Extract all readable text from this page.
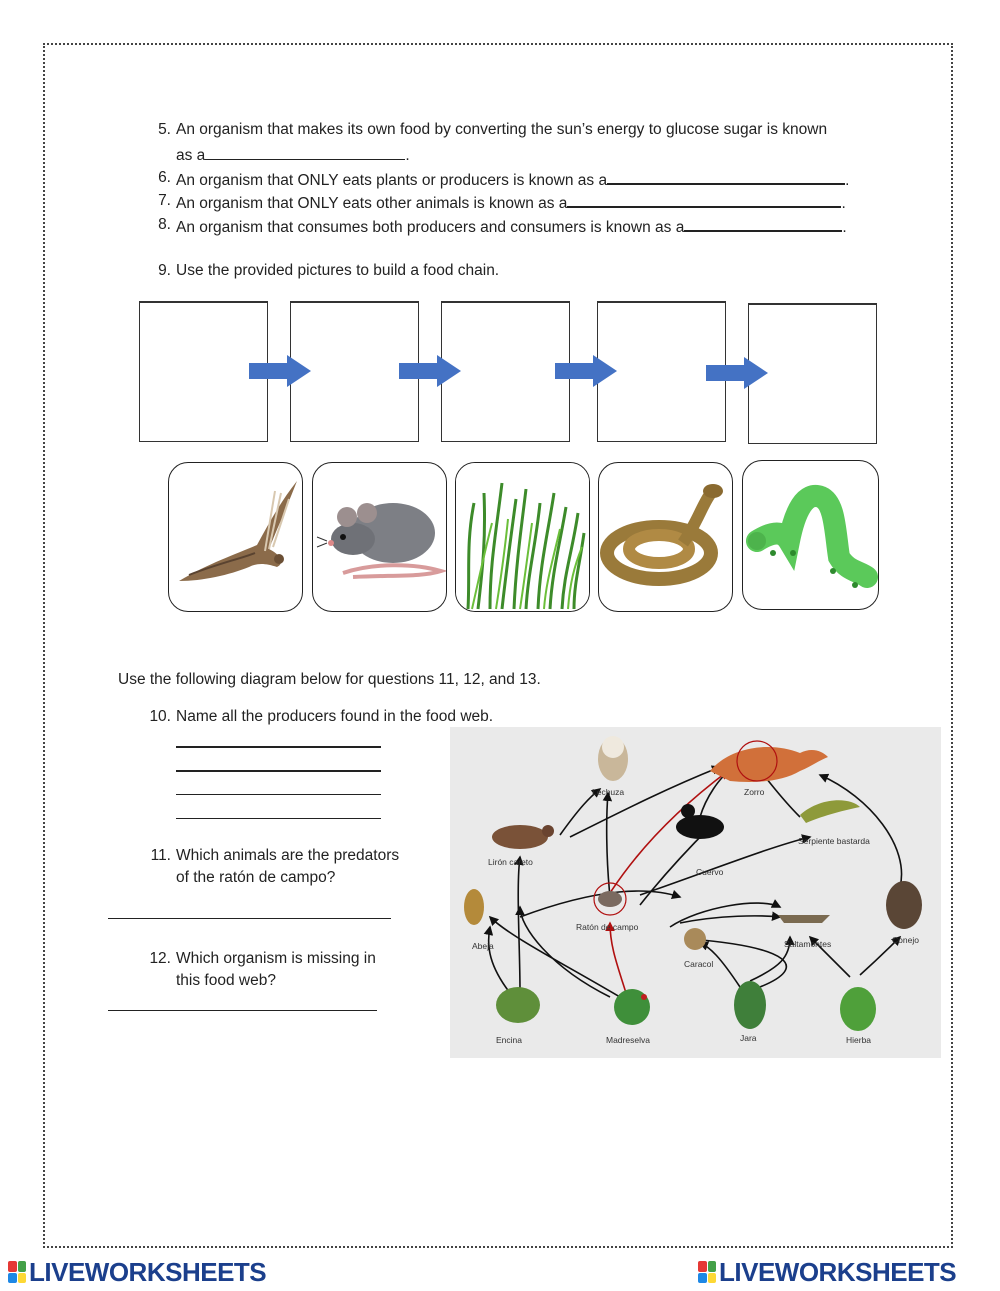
5. An organism that makes its own food by converting the sun’s energy to glucose sugar is known
as a	.
6. An organism that ONLY eats plants or producers is known as a	.
7. An organism that ONLY eats other animals is known as a	.
8. An organism that consumes both producers and consumers is known as a	.
9. Use the provided pictures to build a food chain.
Use the following diagram below for questions 11, 12, and 13.
10. Name all the producers found in the food web.
11. Which animals are the predators
of the ratón de campo?
12. Which organism is missing in
this food web?
Lechuza	Zorro
Serpiente bastarda
Lirón careto
Cuervo
Abeja
Ratón de campo
Caracol
Saltamontes	Conejo
Encina	Madreselva	Jara	Hierba
LIVEWORKSHEETS	LIVEWORKSHEETS
